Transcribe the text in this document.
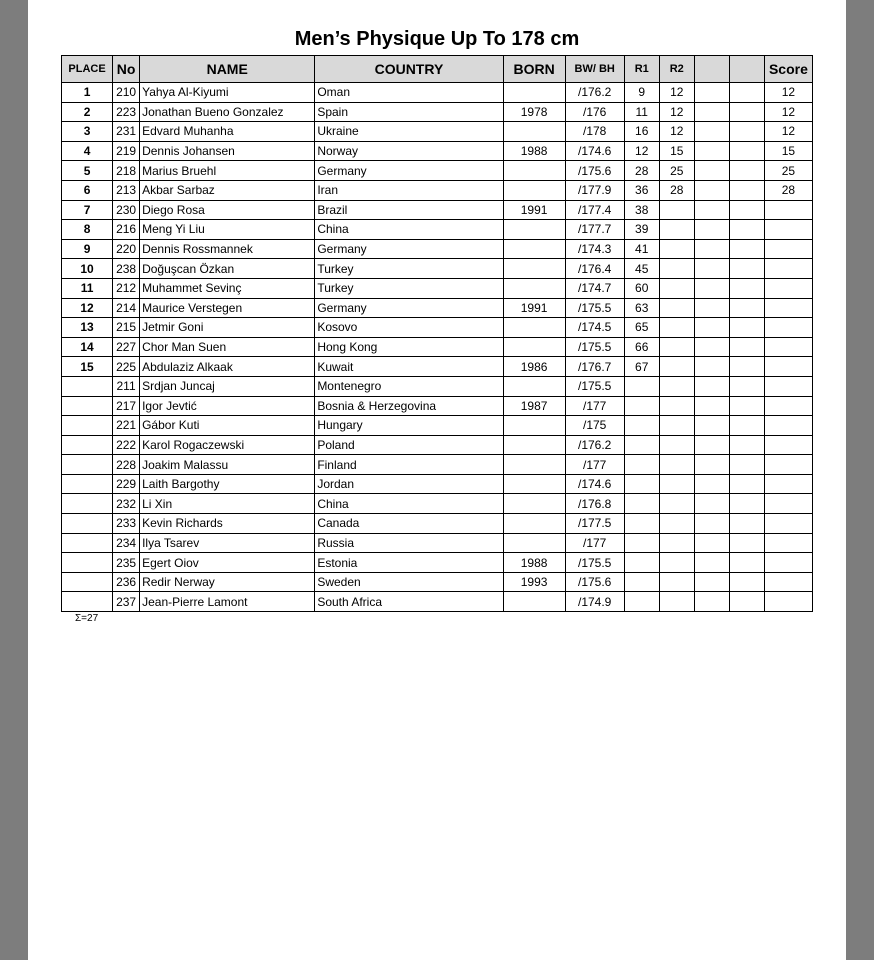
Men’s Physique Up To 178 cm
PLACE	No	NAME	COUNTRY	BORN	BW/ BH	R1	R2			Score
1	210	Yahya Al-Kiyumi	Oman		/176.2	9	12			12
2	223	Jonathan Bueno Gonzalez	Spain	1978	/176	11	12			12
3	231	Edvard Muhanha	Ukraine		/178	16	12			12
4	219	Dennis Johansen	Norway	1988	/174.6	12	15			15
5	218	Marius Bruehl	Germany		/175.6	28	25			25
6	213	Akbar Sarbaz	Iran		/177.9	36	28			28
7	230	Diego Rosa	Brazil	1991	/177.4	38				
8	216	Meng Yi Liu	China		/177.7	39				
9	220	Dennis Rossmannek	Germany		/174.3	41				
10	238	Doğuşcan Özkan	Turkey		/176.4	45				
11	212	Muhammet Sevinç	Turkey		/174.7	60				
12	214	Maurice Verstegen	Germany	1991	/175.5	63				
13	215	Jetmir Goni	Kosovo		/174.5	65				
14	227	Chor Man Suen	Hong Kong		/175.5	66				
15	225	Abdulaziz Alkaak	Kuwait	1986	/176.7	67				
	211	Srdjan Juncaj	Montenegro		/175.5					
	217	Igor Jevtić	Bosnia & Herzegovina	1987	/177					
	221	Gábor Kuti	Hungary		/175					
	222	Karol Rogaczewski	Poland		/176.2					
	228	Joakim Malassu	Finland		/177					
	229	Laith Bargothy	Jordan		/174.6					
	232	Li Xin	China		/176.8					
	233	Kevin Richards	Canada		/177.5					
	234	Ilya Tsarev	Russia		/177					
	235	Egert Oiov	Estonia	1988	/175.5					
	236	Redir Nerway	Sweden	1993	/175.6					
	237	Jean-Pierre Lamont	South Africa		/174.9					
Σ=27
